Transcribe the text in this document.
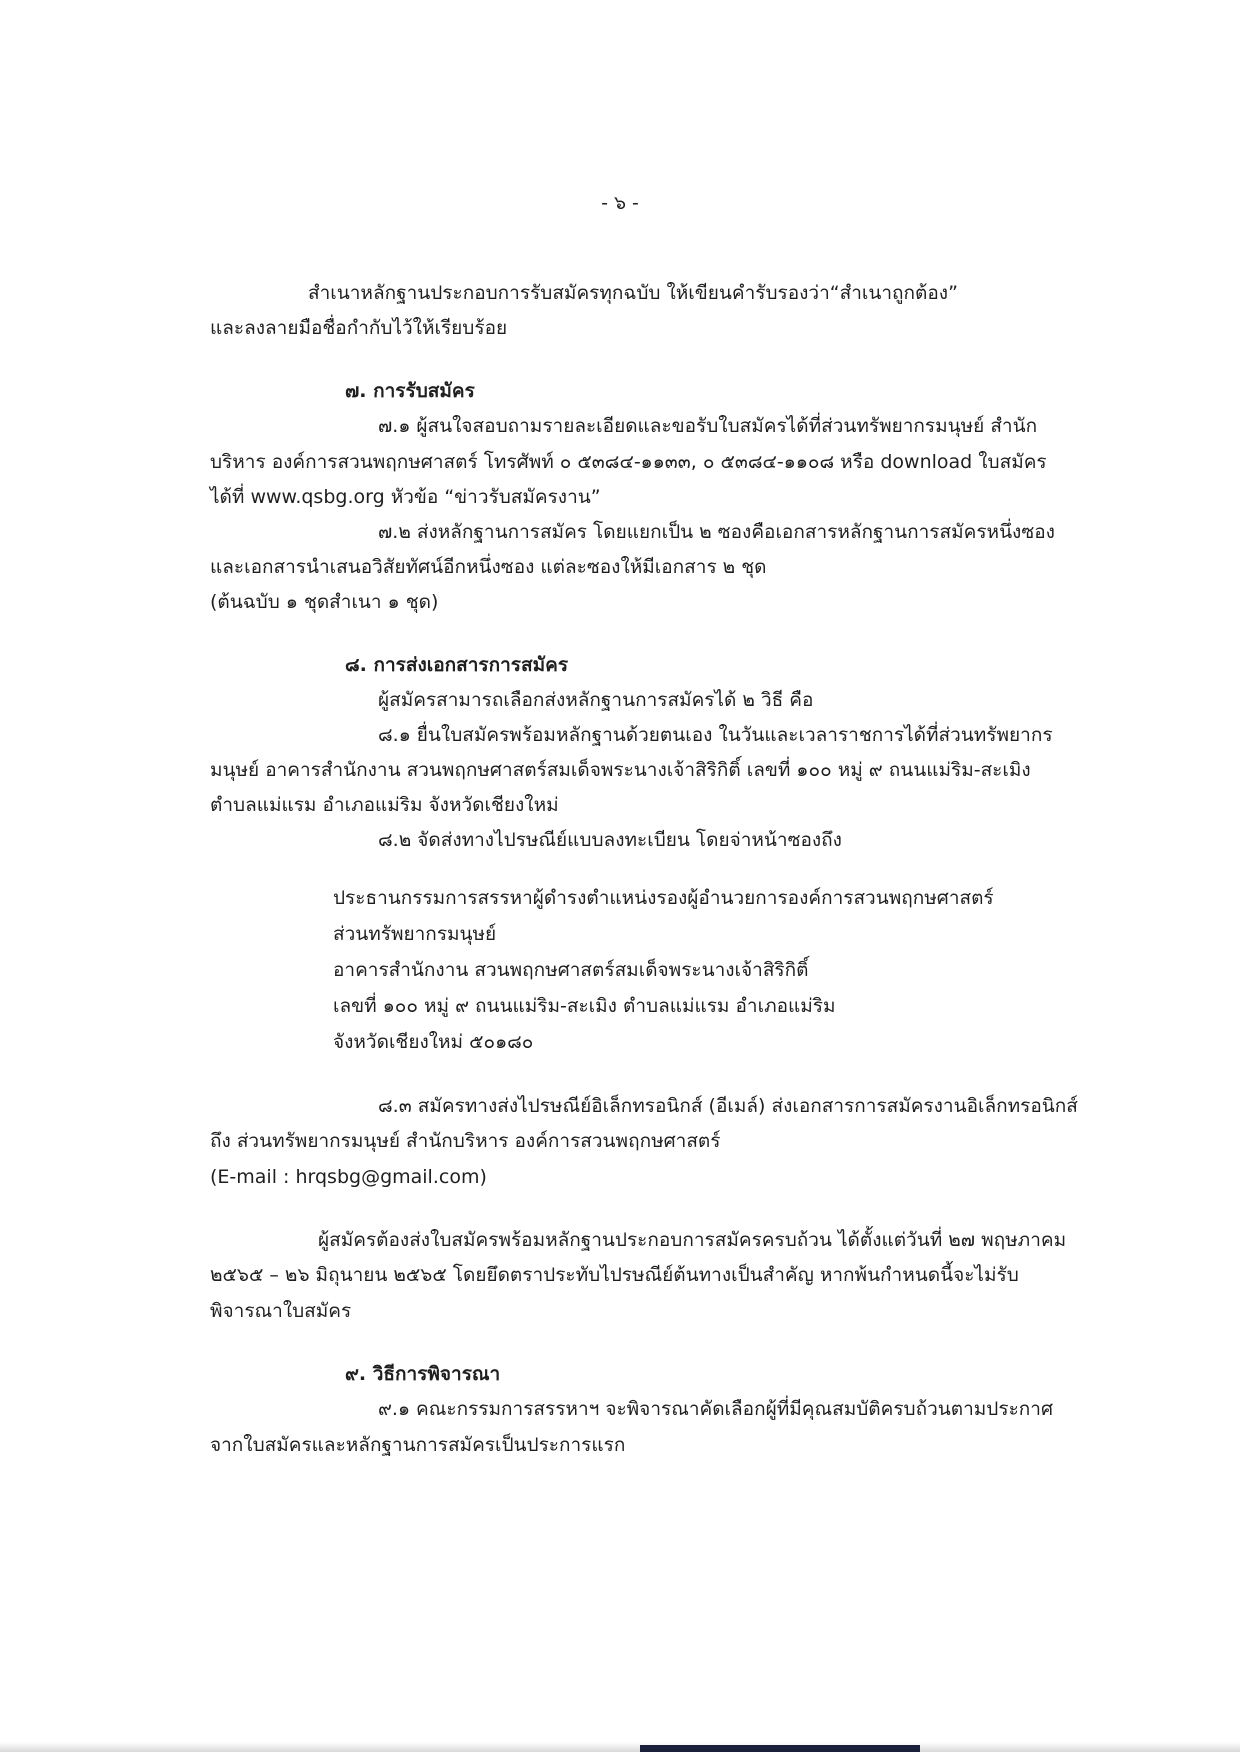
- ๖ -
สำเนาหลักฐานประกอบการรับสมัครทุกฉบับ ให้เขียนคำรับรองว่า“สำเนาถูกต้อง”
และลงลายมือชื่อกำกับไว้ให้เรียบร้อย
๗. การรับสมัคร
๗.๑ ผู้สนใจสอบถามรายละเอียดและขอรับใบสมัครได้ที่ส่วนทรัพยากรมนุษย์ สำนัก
บริหาร องค์การสวนพฤกษศาสตร์ โทรศัพท์ ๐ ๕๓๘๔-๑๑๓๓, ๐ ๕๓๘๔-๑๑๐๘ หรือ download ใบสมัคร
ได้ที่ www.qsbg.org หัวข้อ “ข่าวรับสมัครงาน”
๗.๒ ส่งหลักฐานการสมัคร โดยแยกเป็น ๒ ซองคือเอกสารหลักฐานการสมัครหนึ่งซอง
และเอกสารนำเสนอวิสัยทัศน์อีกหนึ่งซอง แต่ละซองให้มีเอกสาร ๒ ชุด
(ต้นฉบับ ๑ ชุดสำเนา ๑ ชุด)
๘. การส่งเอกสารการสมัคร
ผู้สมัครสามารถเลือกส่งหลักฐานการสมัครได้ ๒ วิธี คือ
๘.๑ ยื่นใบสมัครพร้อมหลักฐานด้วยตนเอง ในวันและเวลาราชการได้ที่ส่วนทรัพยากร
มนุษย์ อาคารสำนักงาน สวนพฤกษศาสตร์สมเด็จพระนางเจ้าสิริกิติ์ เลขที่ ๑๐๐ หมู่ ๙ ถนนแม่ริม-สะเมิง
ตำบลแม่แรม อำเภอแม่ริม จังหวัดเชียงใหม่
๘.๒ จัดส่งทางไปรษณีย์แบบลงทะเบียน โดยจ่าหน้าซองถึง
ประธานกรรมการสรรหาผู้ดำรงตำแหน่งรองผู้อำนวยการองค์การสวนพฤกษศาสตร์
ส่วนทรัพยากรมนุษย์
อาคารสำนักงาน สวนพฤกษศาสตร์สมเด็จพระนางเจ้าสิริกิติ์
เลขที่ ๑๐๐ หมู่ ๙ ถนนแม่ริม-สะเมิง ตำบลแม่แรม อำเภอแม่ริม
จังหวัดเชียงใหม่ ๕๐๑๘๐
๘.๓ สมัครทางส่งไปรษณีย์อิเล็กทรอนิกส์ (อีเมล์) ส่งเอกสารการสมัครงานอิเล็กทรอนิกส์
ถึง ส่วนทรัพยากรมนุษย์ สำนักบริหาร องค์การสวนพฤกษศาสตร์
(E-mail : hrqsbg@gmail.com)
ผู้สมัครต้องส่งใบสมัครพร้อมหลักฐานประกอบการสมัครครบถ้วน ได้ตั้งแต่วันที่ ๒๗ พฤษภาคม
๒๕๖๕ – ๒๖ มิถุนายน ๒๕๖๕ โดยยึดตราประทับไปรษณีย์ต้นทางเป็นสำคัญ หากพ้นกำหนดนี้จะไม่รับ
พิจารณาใบสมัคร
๙. วิธีการพิจารณา
๙.๑ คณะกรรมการสรรหาฯ จะพิจารณาคัดเลือกผู้ที่มีคุณสมบัติครบถ้วนตามประกาศ
จากใบสมัครและหลักฐานการสมัครเป็นประการแรก
